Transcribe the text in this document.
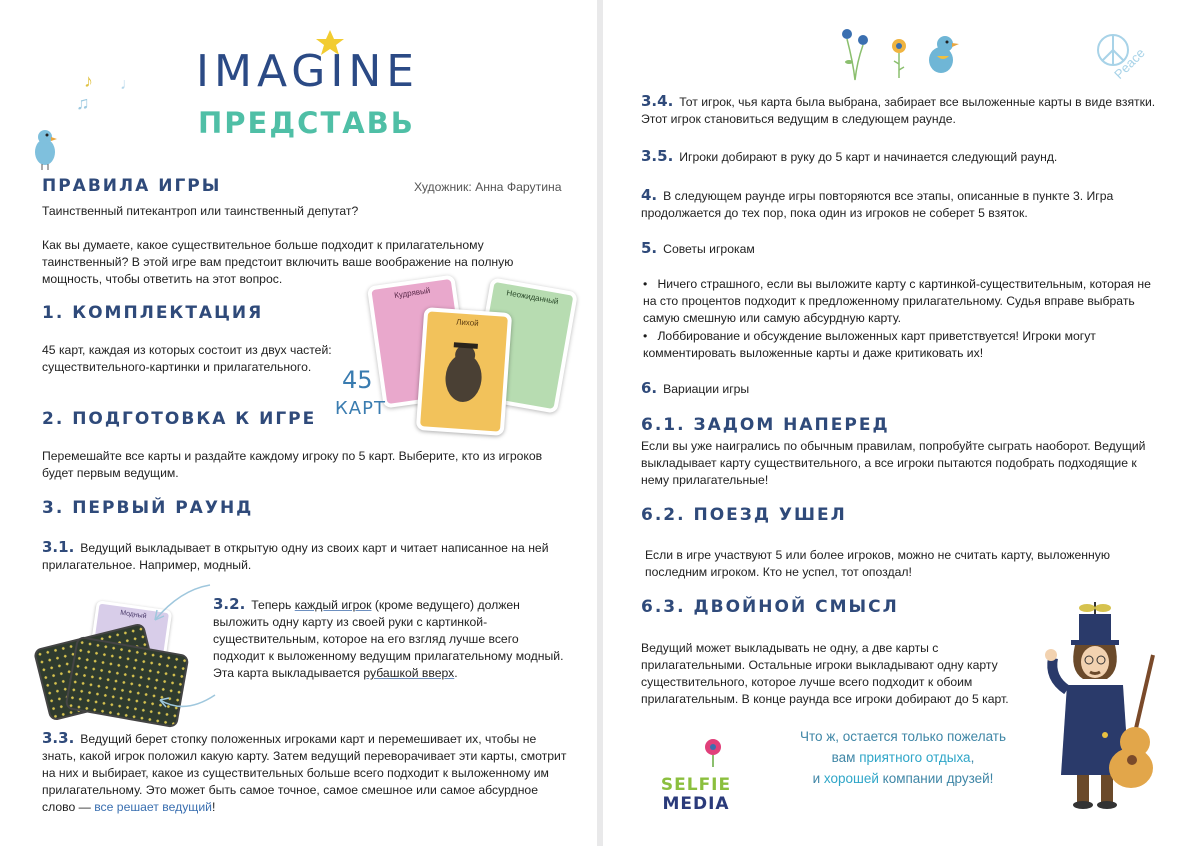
IMAGINE
ПРЕДСТАВЬ
♪
♫
♩
ПРАВИЛА ИГРЫ	Художник: Анна Фарутина
Таинственный питекантроп или таинственный депутат?
Как вы думаете, какое существительное больше подходит к прилагательному таинственный? В этой игре вам предстоит включить ваше воображение на полную мощность, чтобы ответить на этот вопрос.
1. КОМПЛЕКТАЦИЯ
45 карт, каждая из которых состоит из двух частей: существительного-картинки и прилагательного.
Кудрявый	Неожиданный
Лихой
45
КАРТ
2. ПОДГОТОВКА К ИГРЕ
Перемешайте все карты и раздайте каждому игроку по 5 карт. Выберите, кто из игроков будет первым ведущим.
3. ПЕРВЫЙ РАУНД
3.1. Ведущий выкладывает в открытую одну из своих карт и читает написанное на ней прилагательное. Например, модный.
Модный
3.2. Теперь каждый игрок (кроме ведущего) должен выложить одну карту из своей руки с картинкой-существительным, которое на его взгляд лучше всего подходит к выложенному ведущим прилагательному модный.
Эта карта выкладывается рубашкой вверх.
3.3. Ведущий берет стопку положенных игроками карт и перемешивает их, чтобы не знать, какой игрок положил какую карту. Затем ведущий переворачивает эти карты, смотрит на них и выбирает, какое из существительных больше всего подходит к выложенному им прилагательному. Это может быть самое точное, самое смешное или самое абсурдное слово — все решает ведущий!
Peace
3.4. Тот игрок, чья карта была выбрана, забирает все выложенные карты в виде взятки. Этот игрок становиться ведущим в следующем раунде.
3.5. Игроки добирают в руку до 5 карт и начинается следующий раунд.
4. В следующем раунде игры повторяются все этапы, описанные в пункте 3. Игра продолжается до тех пор, пока один из игроков не соберет 5 взяток.
5. Советы игрокам
•   Ничего страшного, если вы выложите карту с картинкой-существительным, которая не на сто процентов подходит к предложенному прилагательному. Судья вправе выбрать самую смешную или самую абсурдную карту.
•   Лоббирование и обсуждение выложенных карт приветствуется! Игроки могут комментировать выложенные карты и даже критиковать их!
6. Вариации игры
6.1. ЗАДОМ НАПЕРЕД
Если вы уже наигрались по обычным правилам, попробуйте сыграть наоборот. Ведущий выкладывает карту существительного, а все игроки пытаются подобрать подходящие к нему прилагательные!
6.2. ПОЕЗД УШЕЛ
Если в игре участвуют 5 или более игроков, можно не считать карту, выложенную последним игроком. Кто не успел, тот опоздал!
6.3. ДВОЙНОЙ СМЫСЛ
Ведущий может выкладывать не одну, а две карты с прилагательными. Остальные игроки выкладывают одну карту существительного, которое лучше всего подходит к обоим прилагательным. В конце раунда все игроки добирают до 5 карт.
SELFIE
MEDIA
Что ж, остается только пожелать
вам приятного отдыха,
и хорошей компании друзей!
